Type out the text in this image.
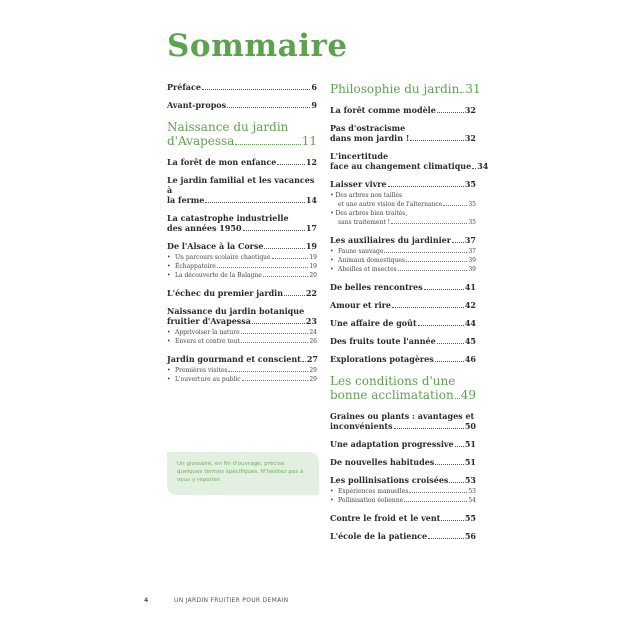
Sommaire
Préface	6
Avant-propos	9
Naissance du jardin
d'Avapessa	11
La forêt de mon enfance	12
Le jardin familial et les vacances à
la ferme	14
La catastrophe industrielle
des années 1950	17
De l'Alsace à la Corse	19
• Un parcours scolaire chaotique	19
• Échappatoire	19
• La découverte de la Balagne	20
L'échec du premier jardin	22
Naissance du jardin botanique
fruitier d'Avapessa	23
• Apprivoiser la nature	24
• Envers et contre tout	26
Jardin gourmand et conscient 27
• Premières visites	29
• L'ouverture au public	29
Philosophie du jardin 31
La forêt comme modèle	32
Pas d'ostracisme
dans mon jardin !	32
L'incertitude
face au changement climatique 34
Laisser vivre	35
• Des arbres non taillés
et une autre vision de l'alternance	35
• Des arbres bien traités,
sans traitement !	35
Les auxiliaires du jardinier 37
• Faune sauvage	37
• Animaux domestiques	39
• Abeilles et insectes	39
De belles rencontres	41
Amour et rire	42
Une affaire de goût	44
Des fruits toute l'année	45
Explorations potagères	46
Les conditions d'une
bonne acclimatation 49
Graines ou plants : avantages et
inconvénients	50
Une adaptation progressive 51
De nouvelles habitudes	51
Les pollinisations croisées 53
• Expériences manuelles	53
• Pollinisation éolienne	54
Contre le froid et le vent	55
L'école de la patience	56

Un glossaire, en fin d'ouvrage, précise quelques termes spécifiques. N'hésitez pas à vous y reporter.

4	UN JARDIN FRUITIER POUR DEMAIN
